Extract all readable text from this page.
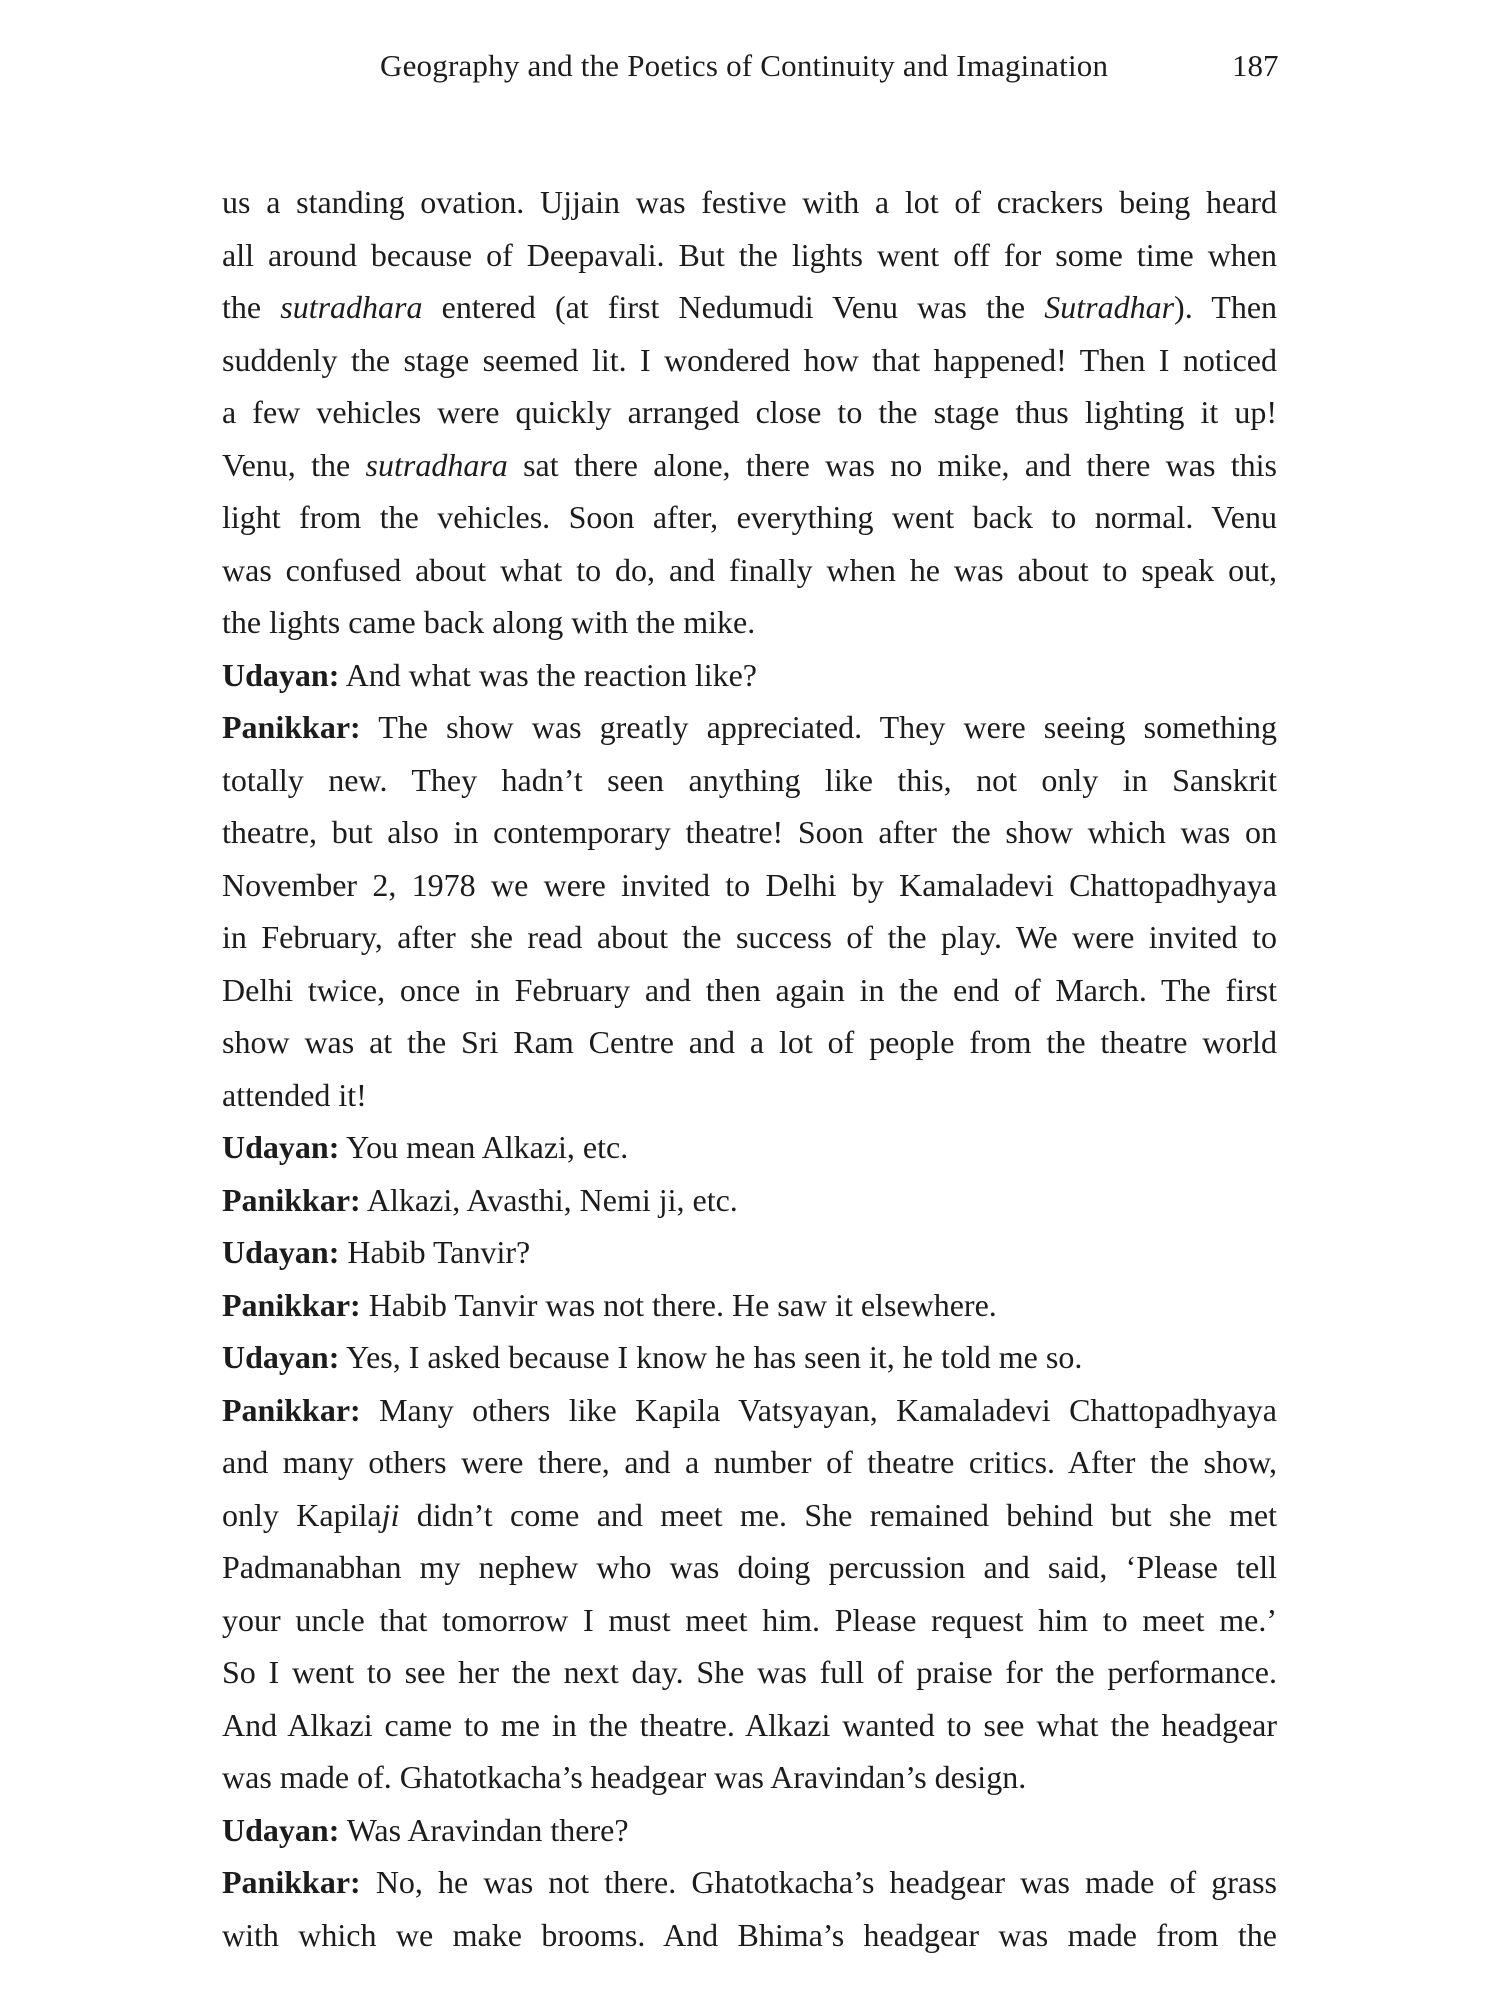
Geography and the Poetics of Continuity and Imagination	187
us a standing ovation. Ujjain was festive with a lot of crackers being heard
all around because of Deepavali. But the lights went off for some time when
the sutradhara entered (at first Nedumudi Venu was the Sutradhar). Then
suddenly the stage seemed lit. I wondered how that happened! Then I noticed
a few vehicles were quickly arranged close to the stage thus lighting it up!
Venu, the sutradhara sat there alone, there was no mike, and there was this
light from the vehicles. Soon after, everything went back to normal. Venu
was confused about what to do, and finally when he was about to speak out,
the lights came back along with the mike.
Udayan: And what was the reaction like?
Panikkar: The show was greatly appreciated. They were seeing something
totally new. They hadn’t seen anything like this, not only in Sanskrit
theatre, but also in contemporary theatre! Soon after the show which was on
November 2, 1978 we were invited to Delhi by Kamaladevi Chattopadhyaya
in February, after she read about the success of the play. We were invited to
Delhi twice, once in February and then again in the end of March. The first
show was at the Sri Ram Centre and a lot of people from the theatre world
attended it!
Udayan: You mean Alkazi, etc.
Panikkar: Alkazi, Avasthi, Nemi ji, etc.
Udayan: Habib Tanvir?
Panikkar: Habib Tanvir was not there. He saw it elsewhere.
Udayan: Yes, I asked because I know he has seen it, he told me so.
Panikkar: Many others like Kapila Vatsyayan, Kamaladevi Chattopadhyaya
and many others were there, and a number of theatre critics. After the show,
only Kapilaji didn’t come and meet me. She remained behind but she met
Padmanabhan my nephew who was doing percussion and said, ‘Please tell
your uncle that tomorrow I must meet him. Please request him to meet me.’
So I went to see her the next day. She was full of praise for the performance.
And Alkazi came to me in the theatre. Alkazi wanted to see what the headgear
was made of. Ghatotkacha’s headgear was Aravindan’s design.
Udayan: Was Aravindan there?
Panikkar: No, he was not there. Ghatotkacha’s headgear was made of grass
with which we make brooms. And Bhima’s headgear was made from the
